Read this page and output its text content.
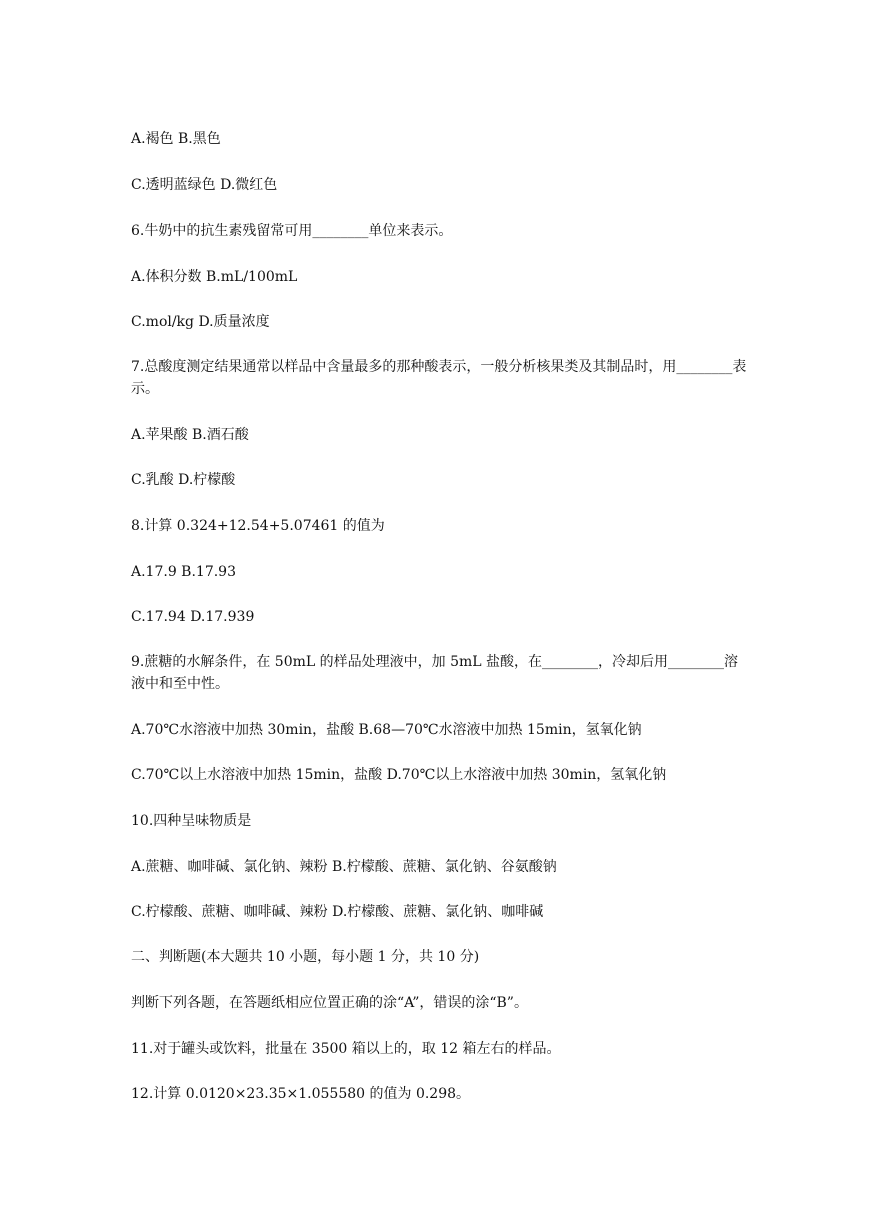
A.褐色 B.黑色
C.透明蓝绿色 D.微红色
6.牛奶中的抗生素残留常可用________单位来表示。
A.体积分数 B.mL/100mL
C.mol/kg D.质量浓度
7.总酸度测定结果通常以样品中含量最多的那种酸表示，一般分析核果类及其制品时，用________表示。
A.苹果酸 B.酒石酸
C.乳酸 D.柠檬酸
8.计算 0.324+12.54+5.07461 的值为
A.17.9 B.17.93
C.17.94 D.17.939
9.蔗糖的水解条件，在 50mL 的样品处理液中，加 5mL 盐酸，在________，冷却后用________溶液中和至中性。
A.70℃水溶液中加热 30min，盐酸 B.68—70℃水溶液中加热 15min，氢氧化钠
C.70℃以上水溶液中加热 15min，盐酸 D.70℃以上水溶液中加热 30min，氢氧化钠
10.四种呈味物质是
A.蔗糖、咖啡碱、氯化钠、辣粉 B.柠檬酸、蔗糖、氯化钠、谷氨酸钠
C.柠檬酸、蔗糖、咖啡碱、辣粉 D.柠檬酸、蔗糖、氯化钠、咖啡碱
二、判断题(本大题共 10 小题，每小题 1 分，共 10 分)
判断下列各题，在答题纸相应位置正确的涂“A”，错误的涂“B”。
11.对于罐头或饮料，批量在 3500 箱以上的，取 12 箱左右的样品。
12.计算 0.0120×23.35×1.055580 的值为 0.298。
